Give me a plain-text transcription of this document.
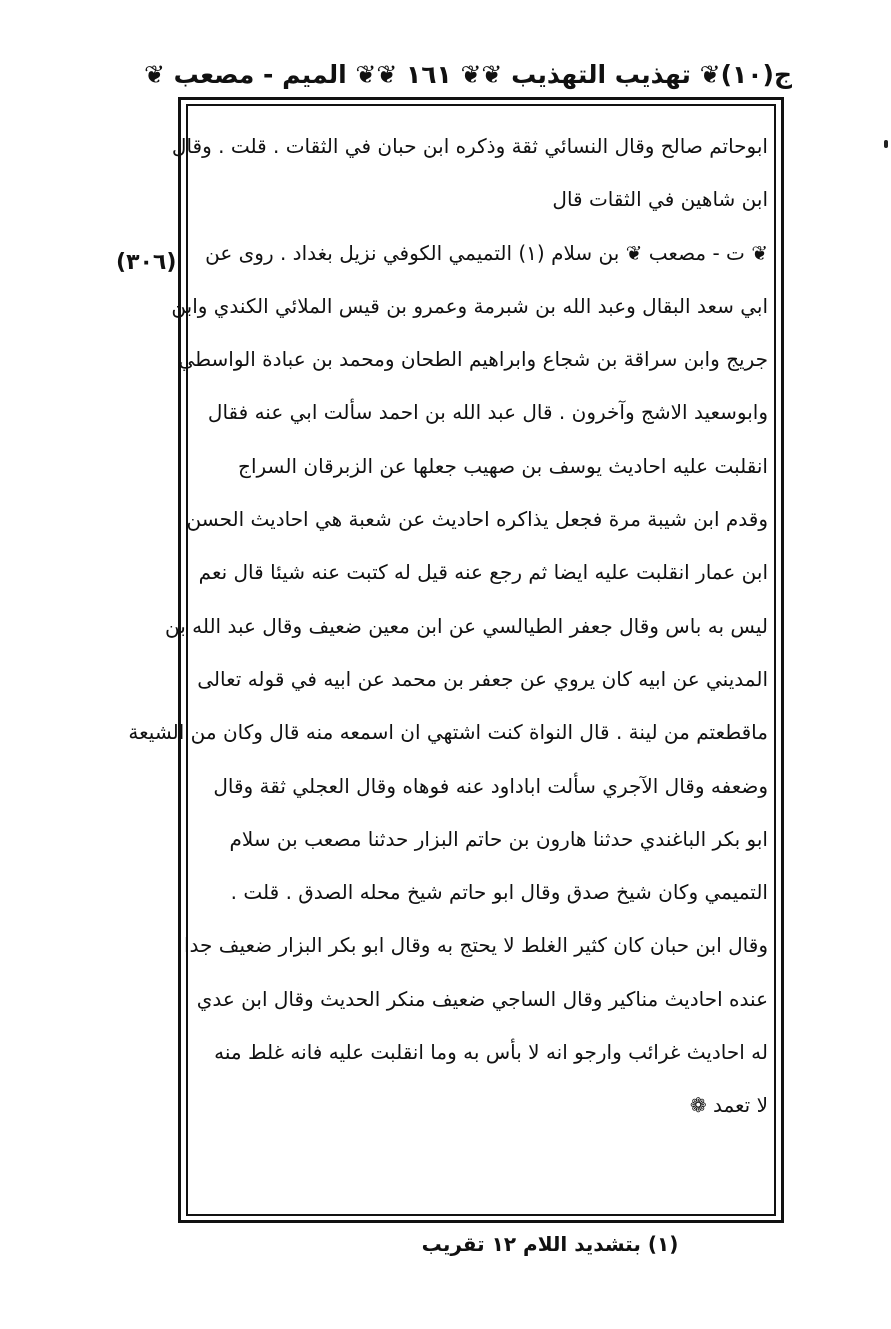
ج(١٠)
❦ تهذيب التهذيب ❦
❦ ١٦١ ❦
❦ الميم - مصعب ❦
(٣٠٦)
ابوحاتم صالح وقال النسائي ثقة وذكره ابن حبان في الثقات . قلت . وقال
ابن شاهين في الثقات قال
❦ ت - مصعب ❦ بن سلام (١) التميمي الكوفي نزيل بغداد . روى عن
ابي سعد البقال وعبد الله بن شبرمة وعمرو بن قيس الملائي الكندي وابن
جريج وابن سراقة بن شجاع وابراهيم الطحان ومحمد بن عبادة الواسطي
وابوسعيد الاشج وآخرون . قال عبد الله بن احمد سألت ابي عنه فقال
انقلبت عليه احاديث يوسف بن صهيب جعلها عن الزبرقان السراج
وقدم ابن شيبة مرة فجعل يذاكره احاديث عن شعبة هي احاديث الحسن
ابن عمار انقلبت عليه ايضا ثم رجع عنه قيل له كتبت عنه شيئا قال نعم
ليس به باس وقال جعفر الطيالسي عن ابن معين ضعيف وقال عبد الله بن
المديني عن ابيه كان يروي عن جعفر بن محمد عن ابيه في قوله تعالى
ماقطعتم من لينة . قال النواة كنت اشتهي ان اسمعه منه قال وكان من الشيعة
وضعفه وقال الآجري سألت اباداود عنه فوهاه وقال العجلي ثقة وقال
ابو بكر الباغندي حدثنا هارون بن حاتم البزار حدثنا مصعب بن سلام
التميمي وكان شيخ صدق وقال ابو حاتم شيخ محله الصدق . قلت .
وقال ابن حبان كان كثير الغلط لا يحتج به وقال ابو بكر البزار ضعيف جدا
عنده احاديث مناكير وقال الساجي ضعيف منكر الحديث وقال ابن عدي
له احاديث غرائب وارجو انه لا بأس به وما انقلبت عليه فانه غلط منه
لا تعمد ❁
(١) بتشديد اللام ١٢ تقريب
